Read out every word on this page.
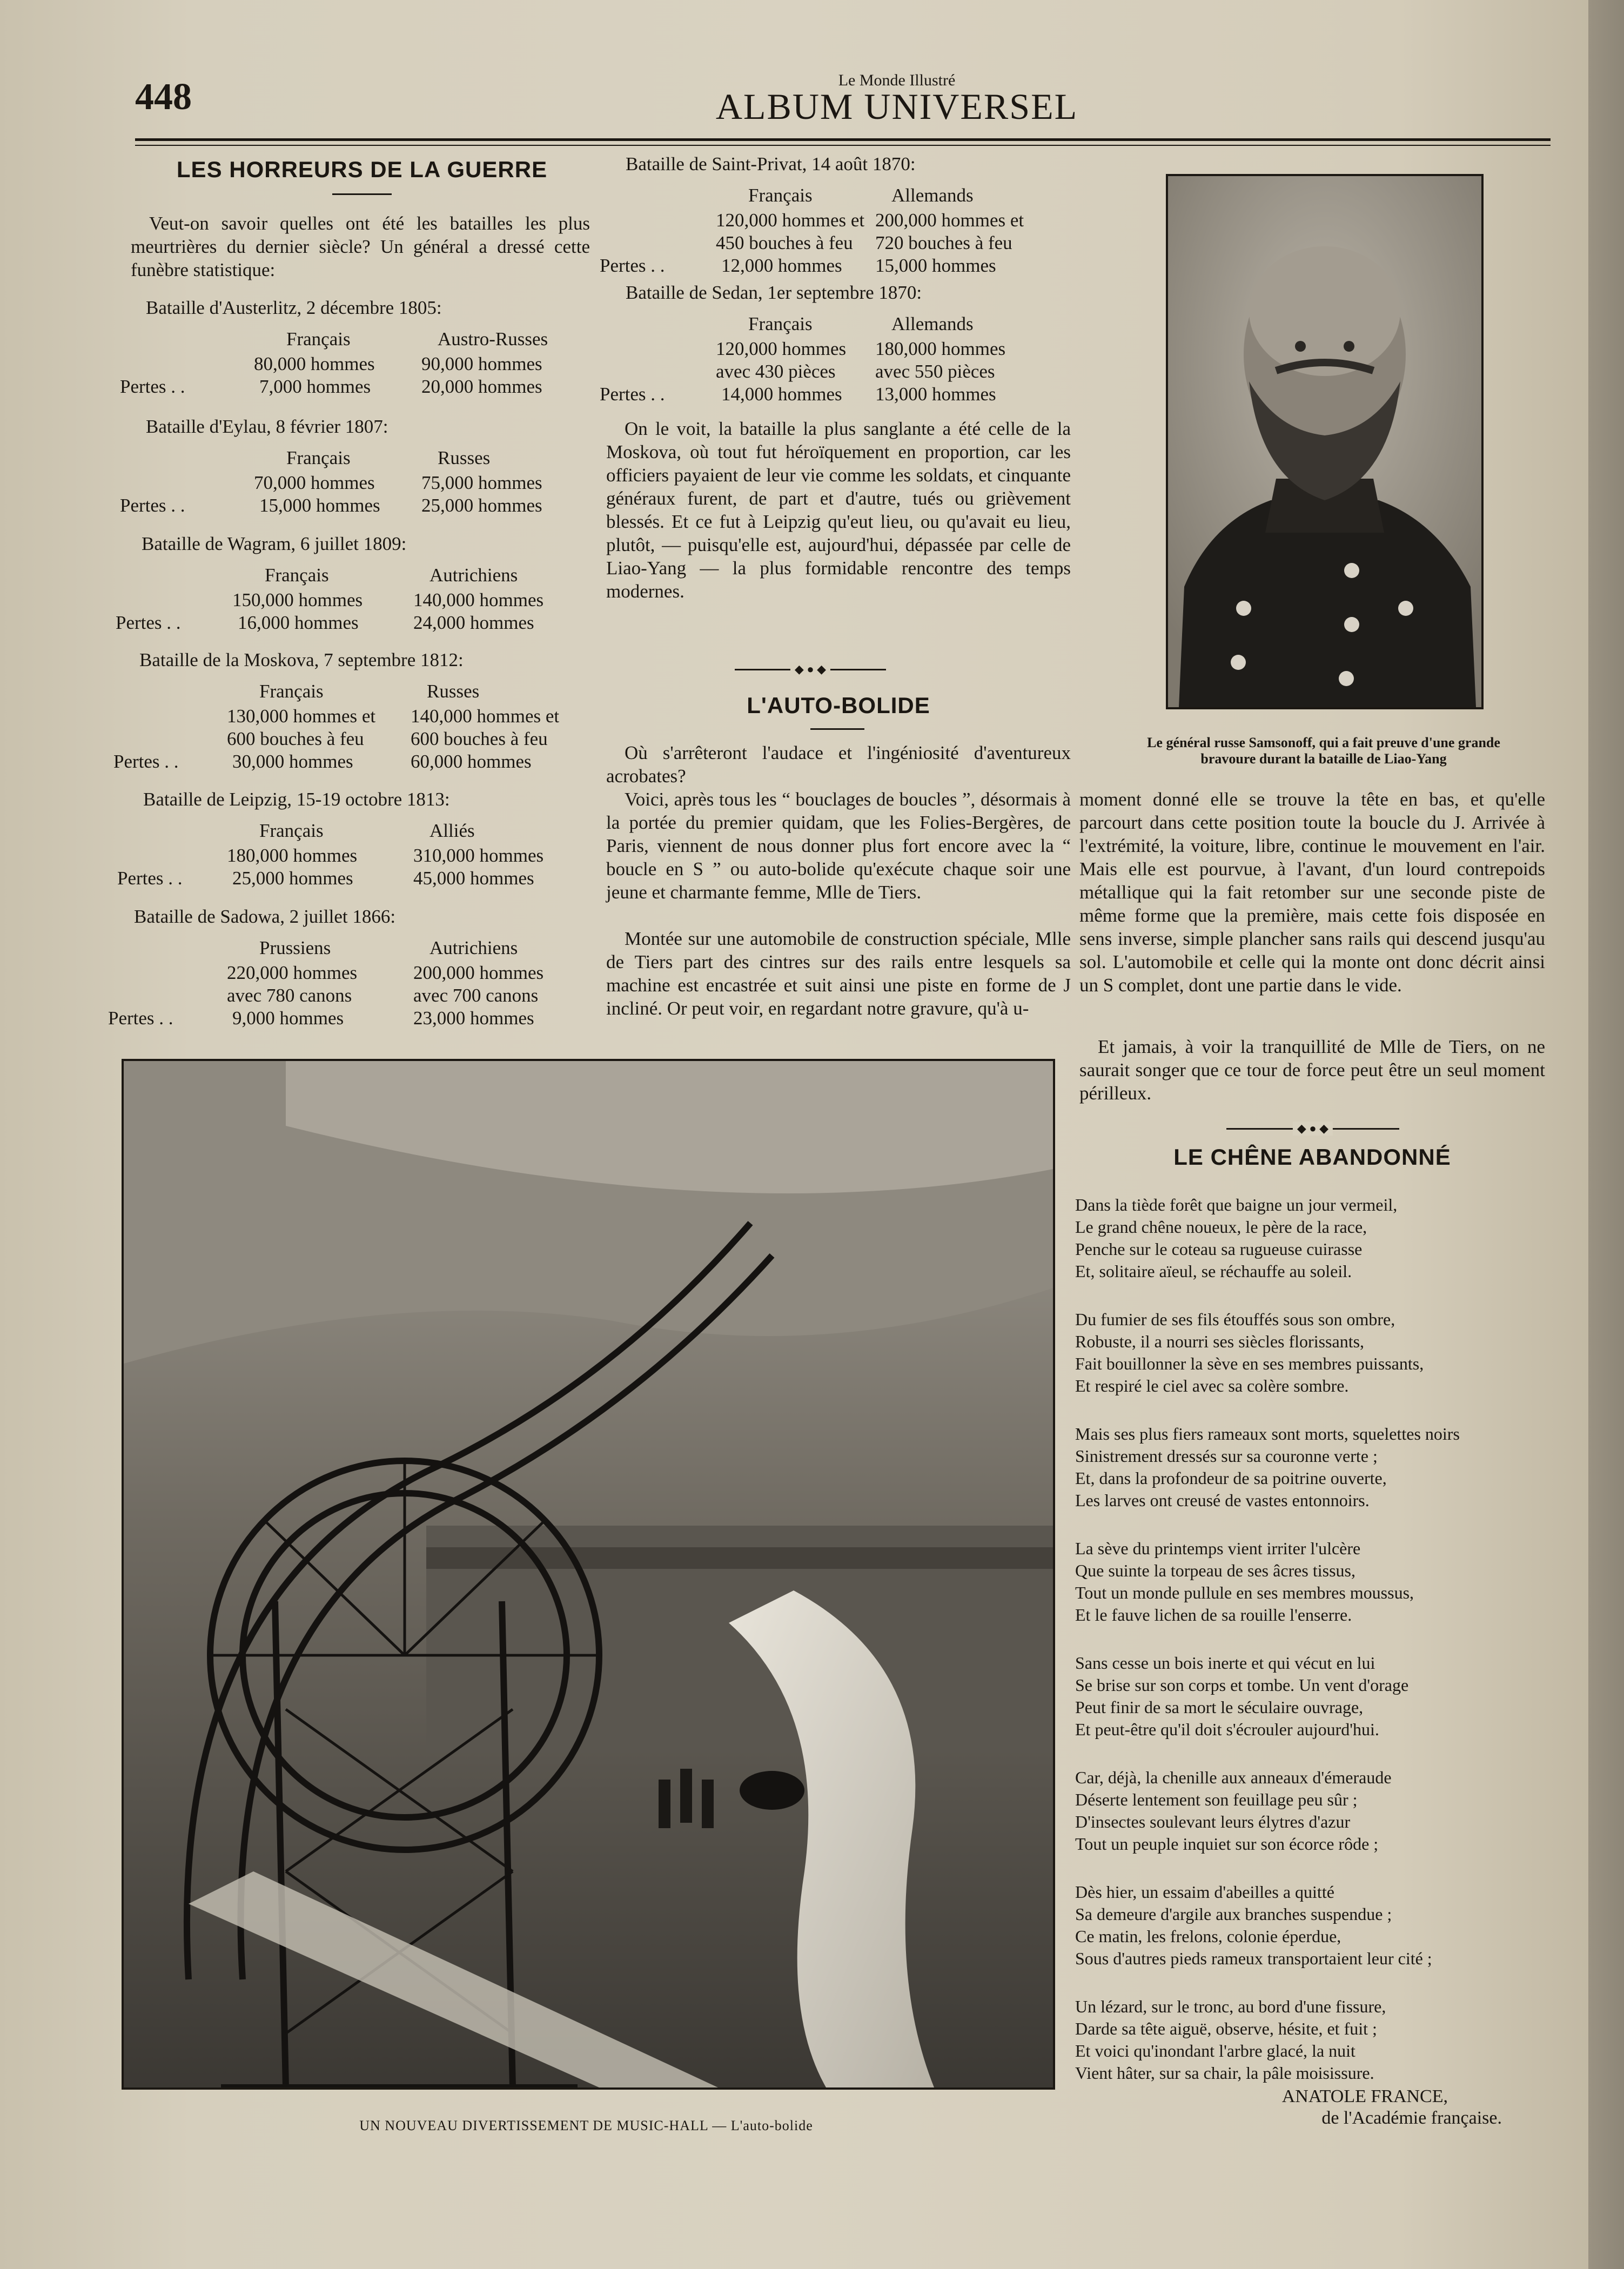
448	Le Monde Illustré
ALBUM UNIVERSEL
LES HORREURS DE LA GUERRE
Veut-on savoir quelles ont été les batailles les plus meurtrières du dernier siècle? Un général a dressé cette funèbre statistique:
Bataille d'Austerlitz, 2 décembre 1805:
Français	Austro-Russes
80,000 hommes 90,000 hommes
Pertes . .	7,000 hommes	20,000 hommes
Bataille d'Eylau, 8 février 1807:
Français	Russes
70,000 hommes 75,000 hommes
Pertes . .	15,000 hommes 25,000 hommes
Bataille de Wagram, 6 juillet 1809:
Français	Autrichiens
150,000 hommes	140,000 hommes
Pertes . .	16,000 hommes	24,000 hommes
Bataille de la Moskova, 7 septembre 1812:
Français	Russes
130,000 hommes et 140,000 hommes et
600 bouches à feu 600 bouches à feu
Pertes . .	30,000 hommes	60,000 hommes
Bataille de Leipzig, 15-19 octobre 1813:
Français	Alliés
180,000 hommes	310,000 hommes
Pertes . .	25,000 hommes	45,000 hommes
Bataille de Sadowa, 2 juillet 1866:
Prussiens	Autrichiens
220,000 hommes	200,000 hommes
avec 780 canons	avec 700 canons
Pertes . .	9,000 hommes	23,000 hommes
Bataille de Saint-Privat, 14 août 1870:
Français	Allemands
120,000 hommes et 200,000 hommes et
450 bouches à feu 720 bouches à feu
Pertes . .	12,000 hommes 15,000 hommes
Bataille de Sedan, 1er septembre 1870:
Français	Allemands
120,000 hommes 180,000 hommes
avec 430 pièces avec 550 pièces
Pertes . .	14,000 hommes 13,000 hommes
On le voit, la bataille la plus sanglante a été celle de la Moskova, où tout fut héroïquement en proportion, car les officiers payaient de leur vie comme les soldats, et cinquante généraux furent, de part et d'autre, tués ou grièvement blessés. Et ce fut à Leipzig qu'eut lieu, ou qu'avait eu lieu, plutôt, — puisqu'elle est, aujourd'hui, dépassée par celle de Liao-Yang — la plus formidable rencontre des temps modernes.
◆ ● ◆
L'AUTO-BOLIDE
Où s'arrêteront l'audace et l'ingéniosité d'aventureux acrobates?
Voici, après tous les “ bouclages de boucles ”, désormais à la portée du premier quidam, que les Folies-Bergères, de Paris, viennent de nous donner plus fort encore avec la “ boucle en S ” ou auto-bolide qu'exécute chaque soir une jeune et charmante femme, Mlle de Tiers.
Montée sur une automobile de construction spéciale, Mlle de Tiers part des cintres sur des rails entre lesquels sa machine est encastrée et suit ainsi une piste en forme de J incliné. Or peut voir, en regardant notre gravure, qu'à u-
Le général russe Samsonoff, qui a fait preuve d'une grande
bravoure durant la bataille de Liao-Yang
moment donné elle se trouve la tête en bas, et qu'elle parcourt dans cette position toute la boucle du J. Arrivée à l'extrémité, la voiture, libre, continue le mouvement en l'air. Mais elle est pourvue, à l'avant, d'un lourd contrepoids métallique qui la fait retomber sur une seconde piste de même forme que la première, mais cette fois disposée en sens inverse, simple plancher sans rails qui descend jusqu'au sol. L'automobile et celle qui la monte ont donc décrit ainsi un S complet, dont une partie dans le vide.
Et jamais, à voir la tranquillité de Mlle de Tiers, on ne saurait songer que ce tour de force peut être un seul moment périlleux.
◆ ● ◆
LE CHÊNE ABANDONNÉ
Dans la tiède forêt que baigne un jour vermeil,
Le grand chêne noueux, le père de la race,
Penche sur le coteau sa rugueuse cuirasse
Et, solitaire aïeul, se réchauffe au soleil.
Du fumier de ses fils étouffés sous son ombre,
Robuste, il a nourri ses siècles florissants,
Fait bouillonner la sève en ses membres puissants,
Et respiré le ciel avec sa colère sombre.
Mais ses plus fiers rameaux sont morts, squelettes noirs
Sinistrement dressés sur sa couronne verte ;
Et, dans la profondeur de sa poitrine ouverte,
Les larves ont creusé de vastes entonnoirs.
La sève du printemps vient irriter l'ulcère
Que suinte la torpeau de ses âcres tissus,
Tout un monde pullule en ses membres moussus,
Et le fauve lichen de sa rouille l'enserre.
Sans cesse un bois inerte et qui vécut en lui
Se brise sur son corps et tombe. Un vent d'orage
Peut finir de sa mort le séculaire ouvrage,
Et peut-être qu'il doit s'écrouler aujourd'hui.
Car, déjà, la chenille aux anneaux d'émeraude
Déserte lentement son feuillage peu sûr ;
D'insectes soulevant leurs élytres d'azur
Tout un peuple inquiet sur son écorce rôde ;
Dès hier, un essaim d'abeilles a quitté
Sa demeure d'argile aux branches suspendue ;
Ce matin, les frelons, colonie éperdue,
Sous d'autres pieds rameux transportaient leur cité ;
Un lézard, sur le tronc, au bord d'une fissure,
Darde sa tête aiguë, observe, hésite, et fuit ;
Et voici qu'inondant l'arbre glacé, la nuit
Vient hâter, sur sa chair, la pâle moisissure.
ANATOLE FRANCE,
de l'Académie française.
UN NOUVEAU DIVERTISSEMENT DE MUSIC-HALL — L'auto-bolide
